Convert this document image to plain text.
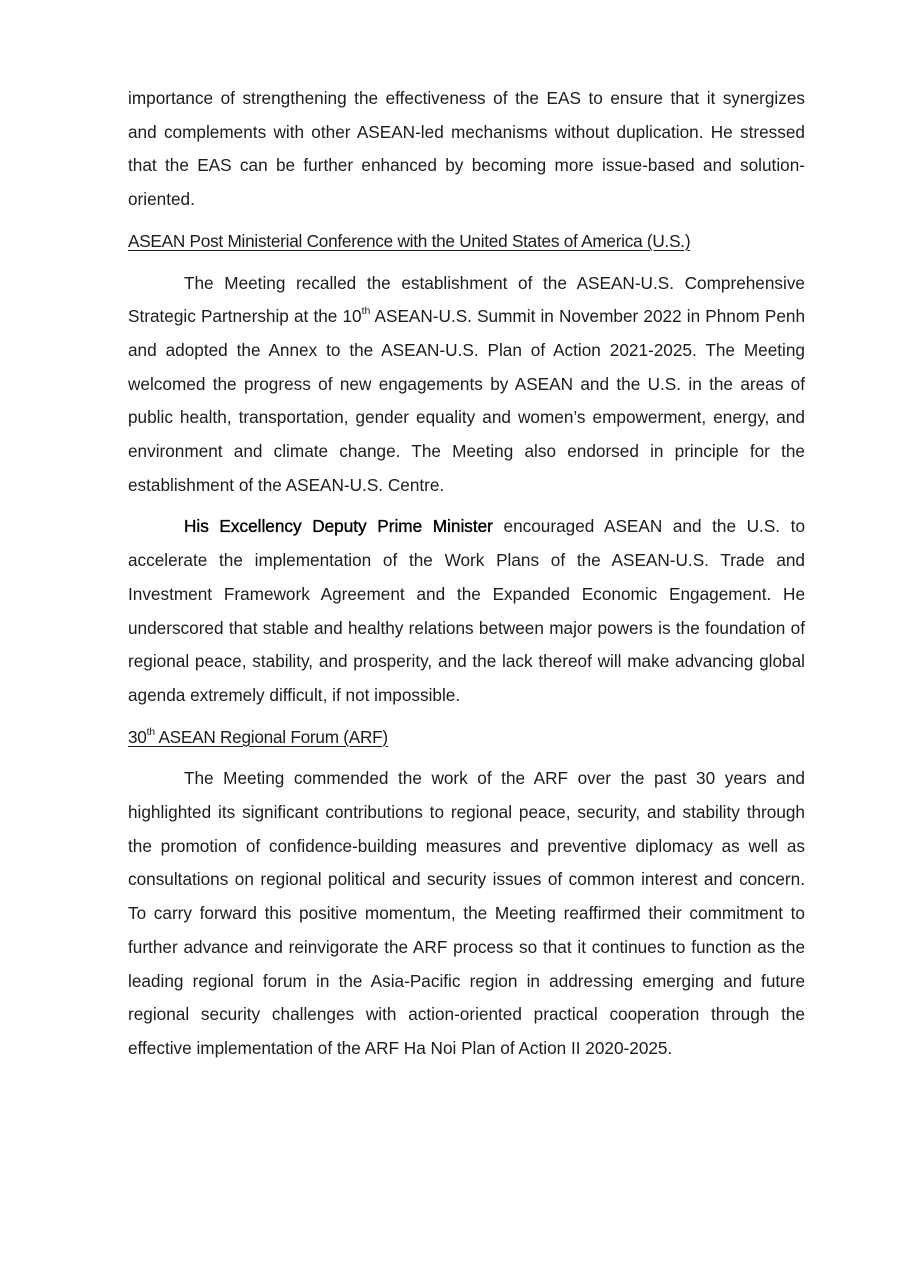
importance of strengthening the effectiveness of the EAS to ensure that it synergizes and complements with other ASEAN-led mechanisms without duplication. He stressed that the EAS can be further enhanced by becoming more issue-based and solution-oriented.

ASEAN Post Ministerial Conference with the United States of America (U.S.)

The Meeting recalled the establishment of the ASEAN-U.S. Comprehensive Strategic Partnership at the 10th ASEAN-U.S. Summit in November 2022 in Phnom Penh and adopted the Annex to the ASEAN-U.S. Plan of Action 2021-2025. The Meeting welcomed the progress of new engagements by ASEAN and the U.S. in the areas of public health, transportation, gender equality and women’s empowerment, energy, and environment and climate change. The Meeting also endorsed in principle for the establishment of the ASEAN-U.S. Centre.

His Excellency Deputy Prime Minister encouraged ASEAN and the U.S. to accelerate the implementation of the Work Plans of the ASEAN-U.S. Trade and Investment Framework Agreement and the Expanded Economic Engagement. He underscored that stable and healthy relations between major powers is the foundation of regional peace, stability, and prosperity, and the lack thereof will make advancing global agenda extremely difficult, if not impossible.

30th ASEAN Regional Forum (ARF)

The Meeting commended the work of the ARF over the past 30 years and highlighted its significant contributions to regional peace, security, and stability through the promotion of confidence-building measures and preventive diplomacy as well as consultations on regional political and security issues of common interest and concern. To carry forward this positive momentum, the Meeting reaffirmed their commitment to further advance and reinvigorate the ARF process so that it continues to function as the leading regional forum in the Asia-Pacific region in addressing emerging and future regional security challenges with action-oriented practical cooperation through the effective implementation of the ARF Ha Noi Plan of Action II 2020-2025.
